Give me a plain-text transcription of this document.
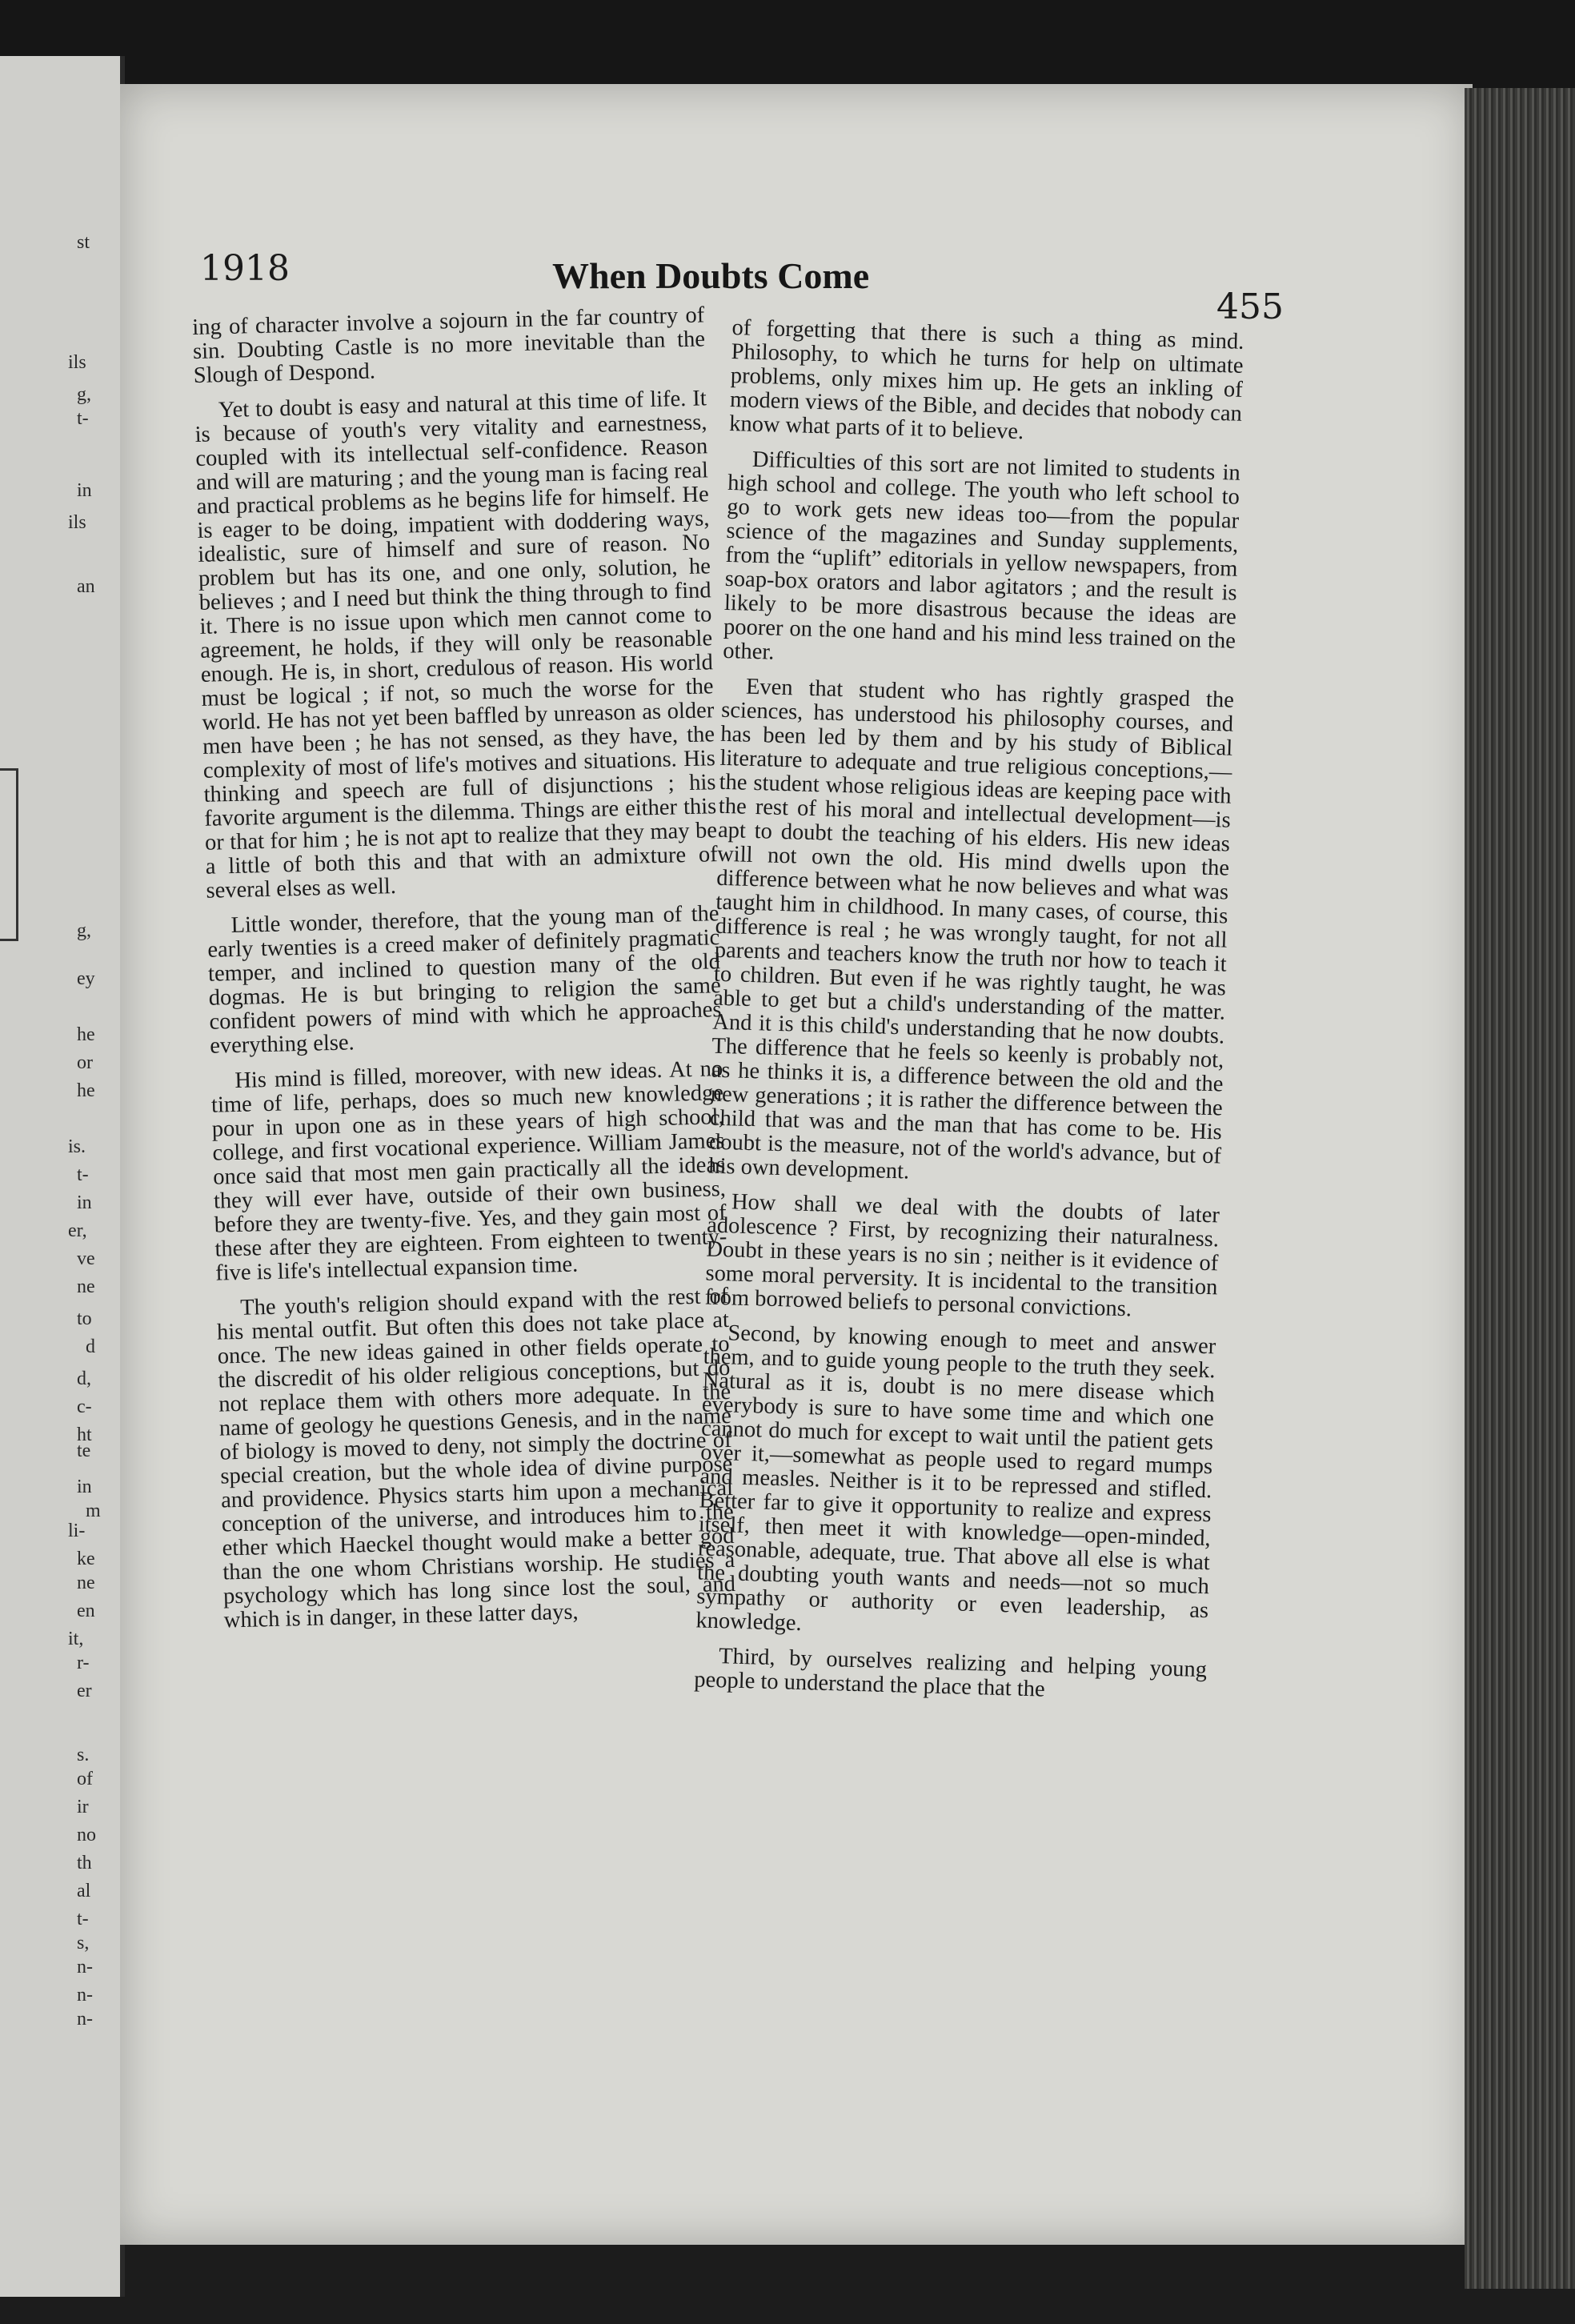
st
ils
g,
t-
in
ils
an
g,
ey
he
or
he
is.
t-
in
er,
ve
ne
to
d
d,
c-
ht
te
in
m
li-
ke
ne
en
it,
r-
er
s.
of
ir
no
th
al
t-
s,
n-
n-
n-
1918	When Doubts Come
455

ing of character involve a sojourn in the far country of sin. Doubting Castle is no more inevitable than the Slough of Despond.

Yet to doubt is easy and natural at this time of life. It is because of youth's very vitality and earnestness, coupled with its intellectual self-confidence. Reason and will are maturing ; and the young man is facing real and practical problems as he begins life for himself. He is eager to be doing, impatient with doddering ways, idealistic, sure of himself and sure of reason. No problem but has its one, and one only, solution, he believes ; and I need but think the thing through to find it. There is no issue upon which men cannot come to agreement, he holds, if they will only be reasonable enough. He is, in short, credulous of reason. His world must be logical ; if not, so much the worse for the world. He has not yet been baffled by unreason as older men have been ; he has not sensed, as they have, the complexity of most of life's motives and situations. His thinking and speech are full of disjunctions ; his favorite argument is the dilemma. Things are either this or that for him ; he is not apt to realize that they may be a little of both this and that with an admixture of several elses as well.

Little wonder, therefore, that the young man of the early twenties is a creed maker of definitely pragmatic temper, and inclined to question many of the old dogmas. He is but bringing to religion the same confident powers of mind with which he approaches everything else.

His mind is filled, moreover, with new ideas. At no time of life, perhaps, does so much new knowledge pour in upon one as in these years of high school, college, and first vocational experience. William James once said that most men gain practically all the ideas they will ever have, outside of their own business, before they are twenty-five. Yes, and they gain most of these after they are eighteen. From eighteen to twenty-five is life's intellectual expansion time.

The youth's religion should expand with the rest of his mental outfit. But often this does not take place at once. The new ideas gained in other fields operate to the discredit of his older religious conceptions, but do not replace them with others more adequate. In the name of geology he questions Genesis, and in the name of biology is moved to deny, not simply the doctrine of special creation, but the whole idea of divine purpose and providence. Physics starts him upon a mechanical conception of the universe, and introduces him to the ether which Haeckel thought would make a better god than the one whom Christians worship. He studies a psychology which has long since lost the soul, and which is in danger, in these latter days,

of forgetting that there is such a thing as mind. Philosophy, to which he turns for help on ultimate problems, only mixes him up. He gets an inkling of modern views of the Bible, and decides that nobody can know what parts of it to believe.

Difficulties of this sort are not limited to students in high school and college. The youth who left school to go to work gets new ideas too—from the popular science of the magazines and Sunday supplements, from the “uplift” editorials in yellow newspapers, from soap-box orators and labor agitators ; and the result is likely to be more disastrous because the ideas are poorer on the one hand and his mind less trained on the other.

Even that student who has rightly grasped the sciences, has understood his philosophy courses, and has been led by them and by his study of Biblical literature to adequate and true religious conceptions,—the student whose religious ideas are keeping pace with the rest of his moral and intellectual development—is apt to doubt the teaching of his elders. His new ideas will not own the old. His mind dwells upon the difference between what he now believes and what was taught him in childhood. In many cases, of course, this difference is real ; he was wrongly taught, for not all parents and teachers know the truth nor how to teach it to children. But even if he was rightly taught, he was able to get but a child's understanding of the matter. And it is this child's understanding that he now doubts. The difference that he feels so keenly is probably not, as he thinks it is, a difference between the old and the new generations ; it is rather the difference between the child that was and the man that has come to be. His doubt is the measure, not of the world's advance, but of his own development.

How shall we deal with the doubts of later adolescence ? First, by recognizing their naturalness. Doubt in these years is no sin ; neither is it evidence of some moral perversity. It is incidental to the transition from borrowed beliefs to personal convictions.

Second, by knowing enough to meet and answer them, and to guide young people to the truth they seek. Natural as it is, doubt is no mere disease which everybody is sure to have some time and which one cannot do much for except to wait until the patient gets over it,—somewhat as people used to regard mumps and measles. Neither is it to be repressed and stifled. Better far to give it opportunity to realize and express itself, then meet it with knowledge—open-minded, reasonable, adequate, true. That above all else is what the doubting youth wants and needs—not so much sympathy or authority or even leadership, as knowledge.

Third, by ourselves realizing and helping young people to understand the place that the
